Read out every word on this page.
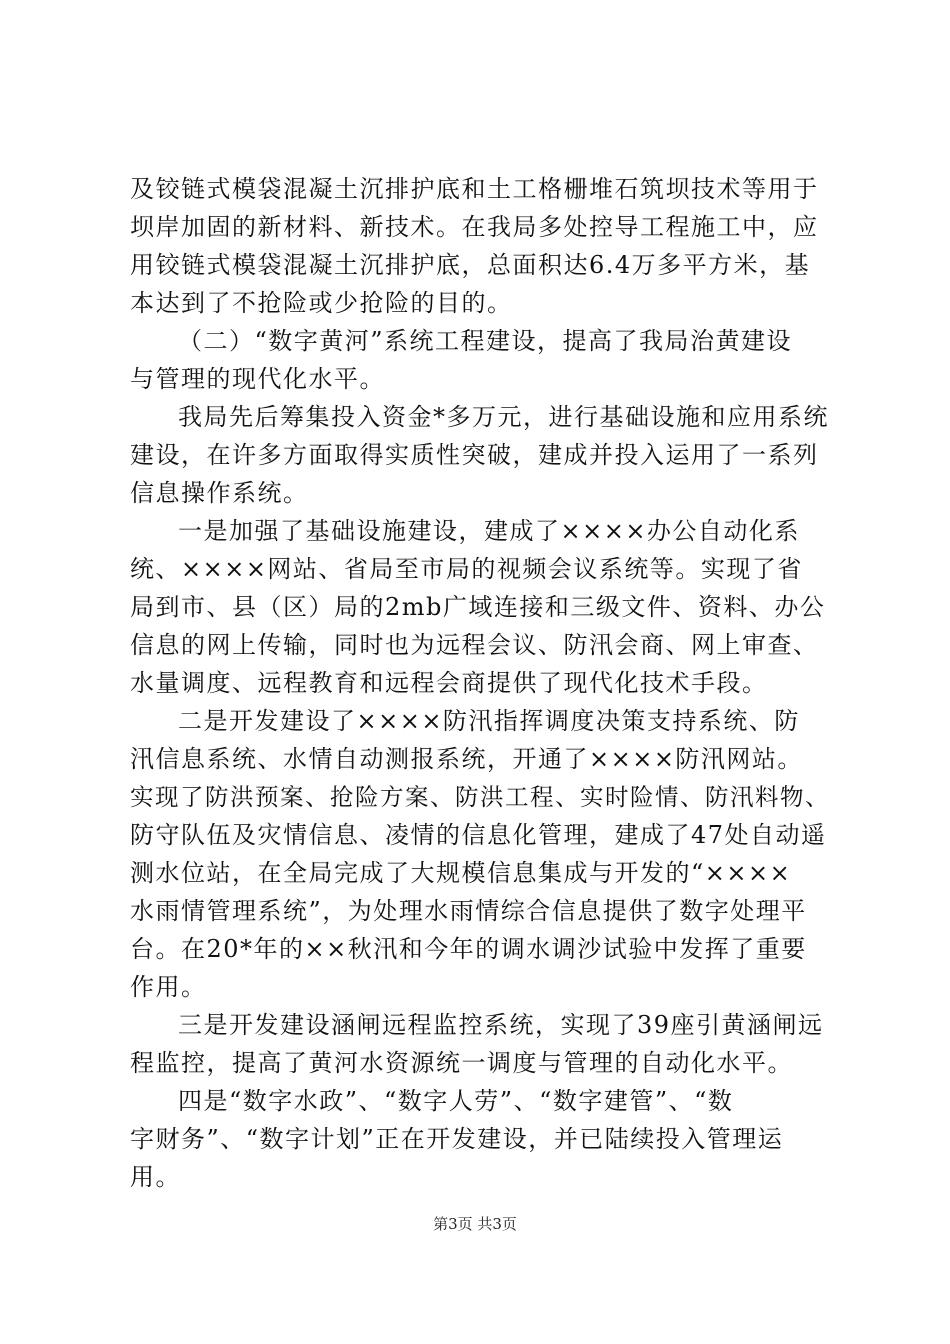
及铰链式模袋混凝土沉排护底和土工格栅堆石筑坝技术等用于
坝岸加固的新材料、新技术。在我局多处控导工程施工中，应
用铰链式模袋混凝土沉排护底，总面积达6.4万多平方米，基
本达到了不抢险或少抢险的目的。
（二）“数字黄河”系统工程建设，提高了我局治黄建设
与管理的现代化水平。
我局先后筹集投入资金*多万元，进行基础设施和应用系统
建设，在许多方面取得实质性突破，建成并投入运用了一系列
信息操作系统。
一是加强了基础设施建设，建成了××××办公自动化系
统、××××网站、省局至市局的视频会议系统等。实现了省
局到市、县（区）局的2mb广域连接和三级文件、资料、办公
信息的网上传输，同时也为远程会议、防汛会商、网上审查、
水量调度、远程教育和远程会商提供了现代化技术手段。
二是开发建设了××××防汛指挥调度决策支持系统、防
汛信息系统、水情自动测报系统，开通了××××防汛网站。
实现了防洪预案、抢险方案、防洪工程、实时险情、防汛料物、
防守队伍及灾情信息、凌情的信息化管理，建成了47处自动遥
测水位站，在全局完成了大规模信息集成与开发的“××××
水雨情管理系统”，为处理水雨情综合信息提供了数字处理平
台。在20*年的××秋汛和今年的调水调沙试验中发挥了重要
作用。
三是开发建设涵闸远程监控系统，实现了39座引黄涵闸远
程监控，提高了黄河水资源统一调度与管理的自动化水平。
四是“数字水政”、“数字人劳”、“数字建管”、“数
字财务”、“数字计划”正在开发建设，并已陆续投入管理运
用。
第3页 共3页
